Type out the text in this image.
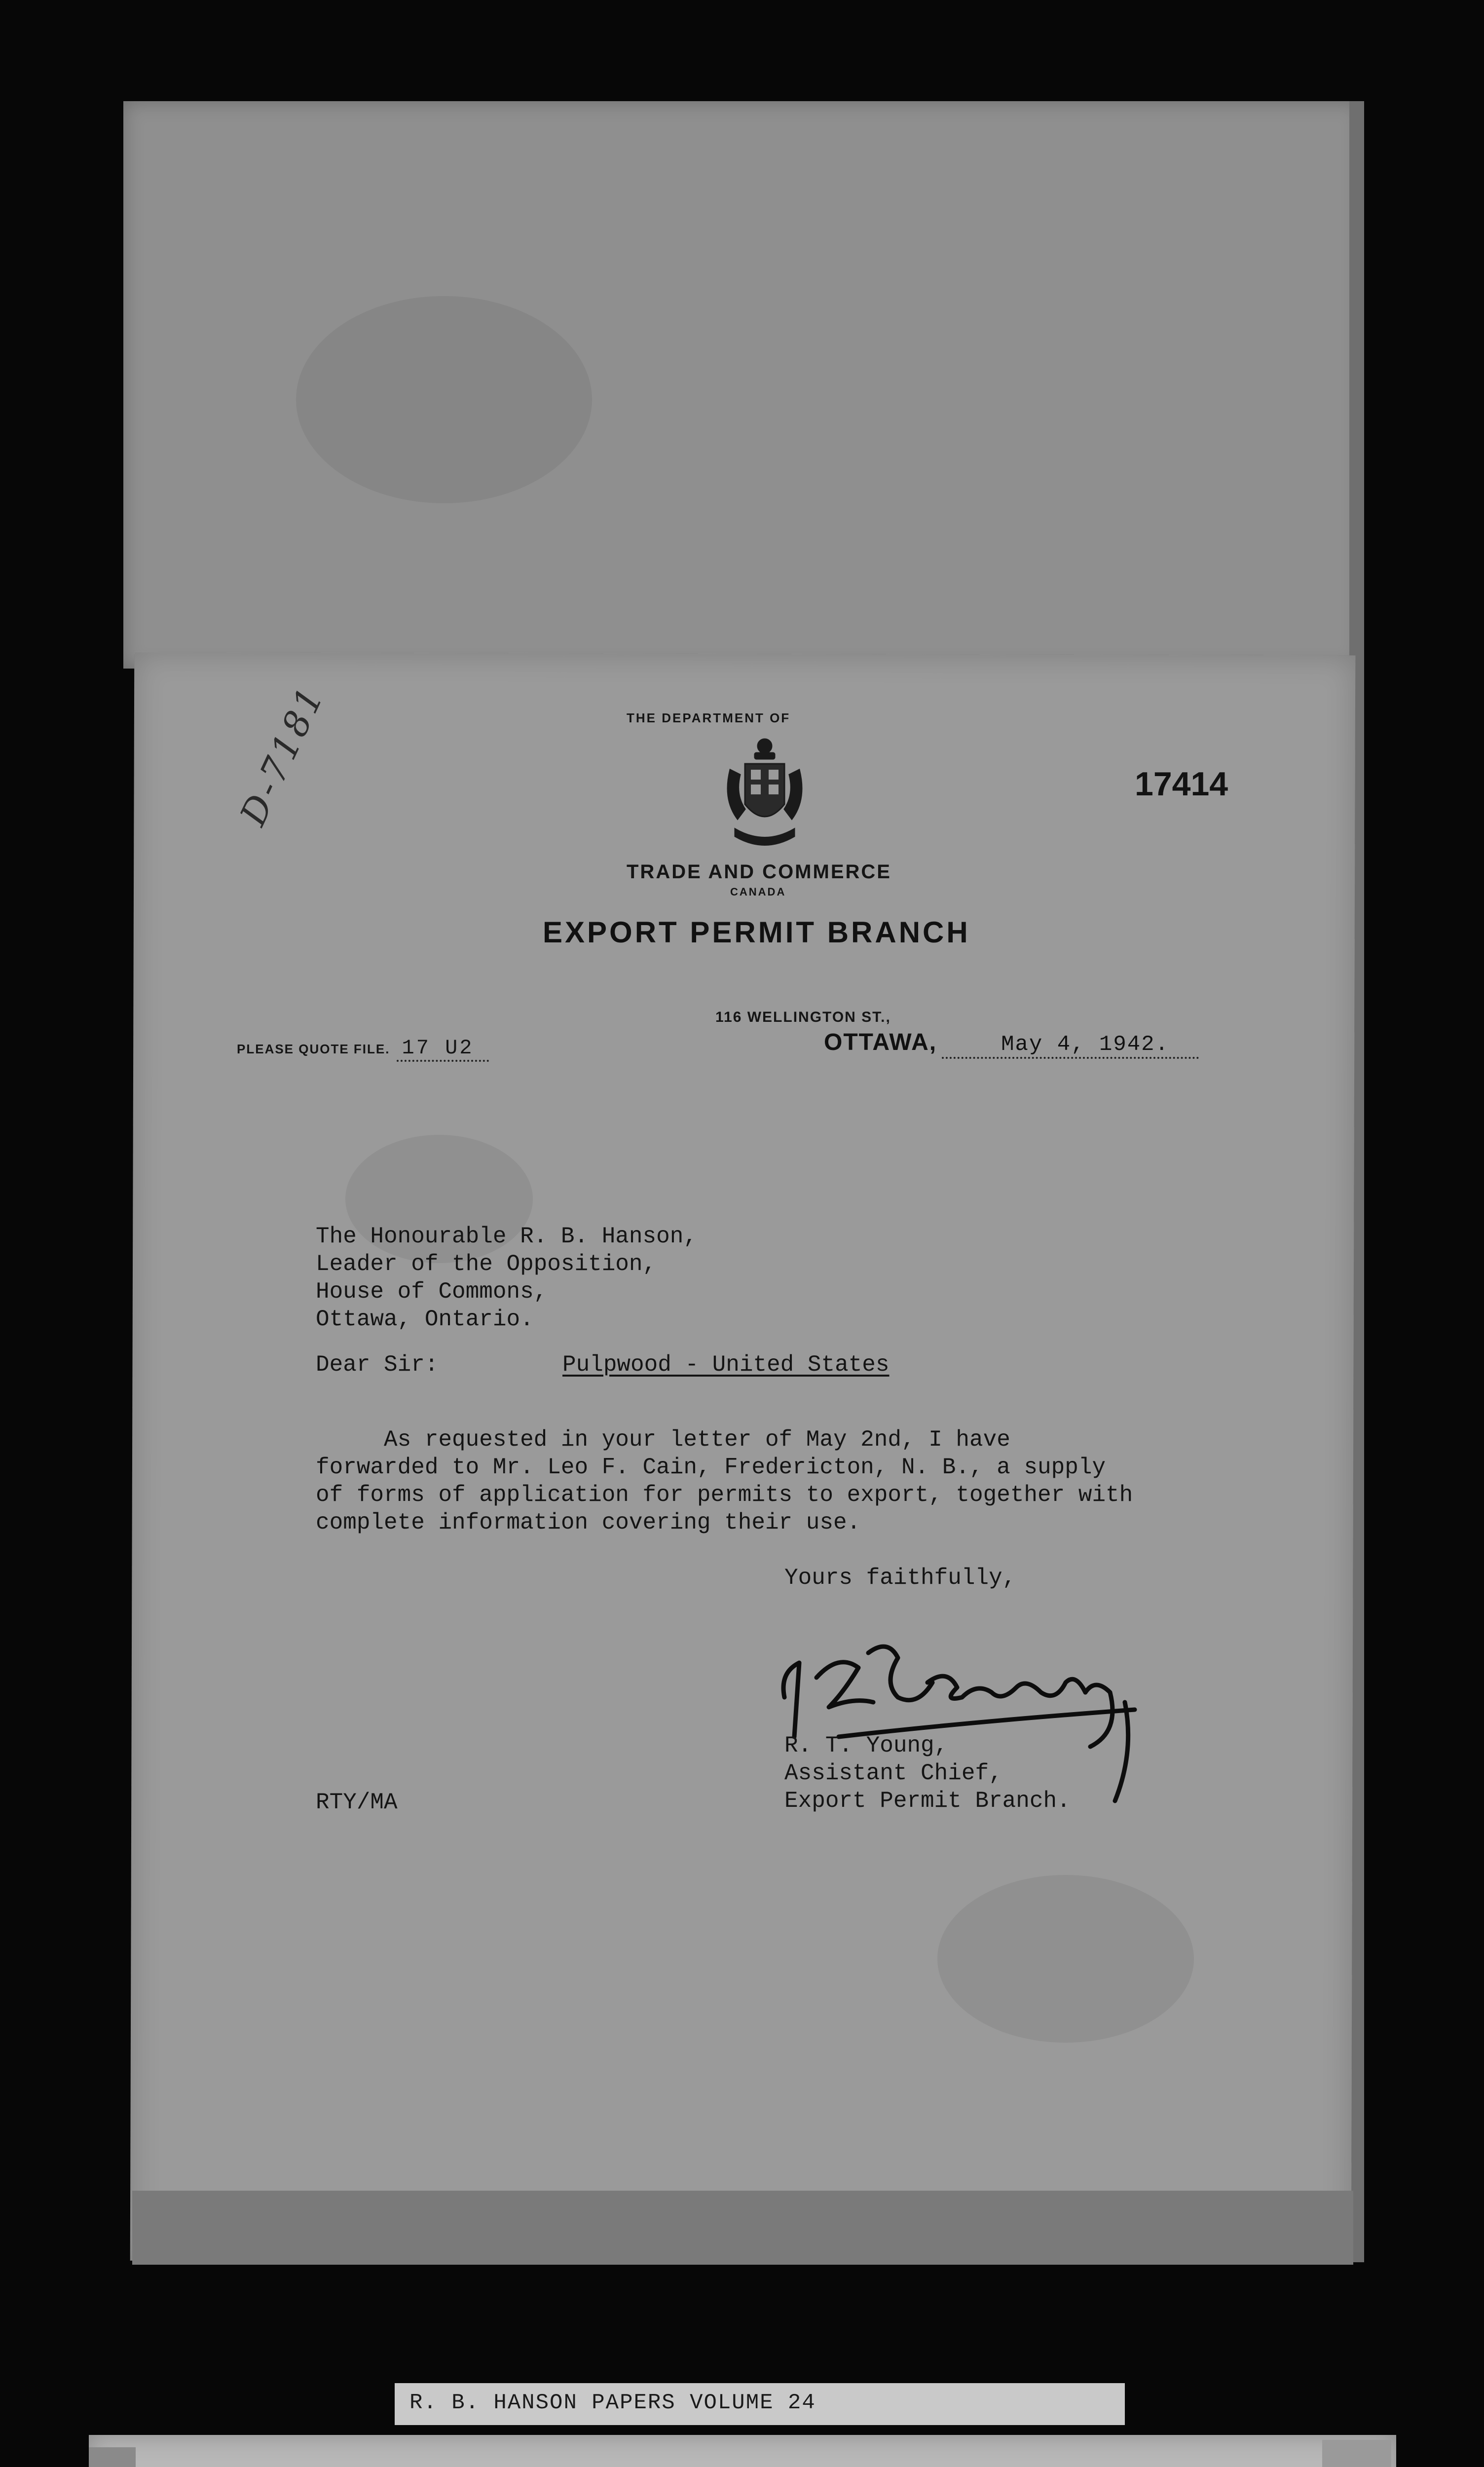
THE DEPARTMENT OF
TRADE AND COMMERCE
CANADA
EXPORT PERMIT BRANCH
17414
D-7181
116 WELLINGTON ST.,
PLEASE QUOTE FILE. 17 U2	OTTAWA,	May 4, 1942.
The Honourable R. B. Hanson,
Leader of the Opposition,
House of Commons,
Ottawa, Ontario.
Dear Sir:	Pulpwood - United States
As requested in your letter of May 2nd, I have
forwarded to Mr. Leo F. Cain, Fredericton, N. B., a supply
of forms of application for permits to export, together with
complete information covering their use.
Yours faithfully,
R. T. Young,
Assistant Chief,
Export Permit Branch.
RTY/MA
R. B. HANSON PAPERS VOLUME 24
